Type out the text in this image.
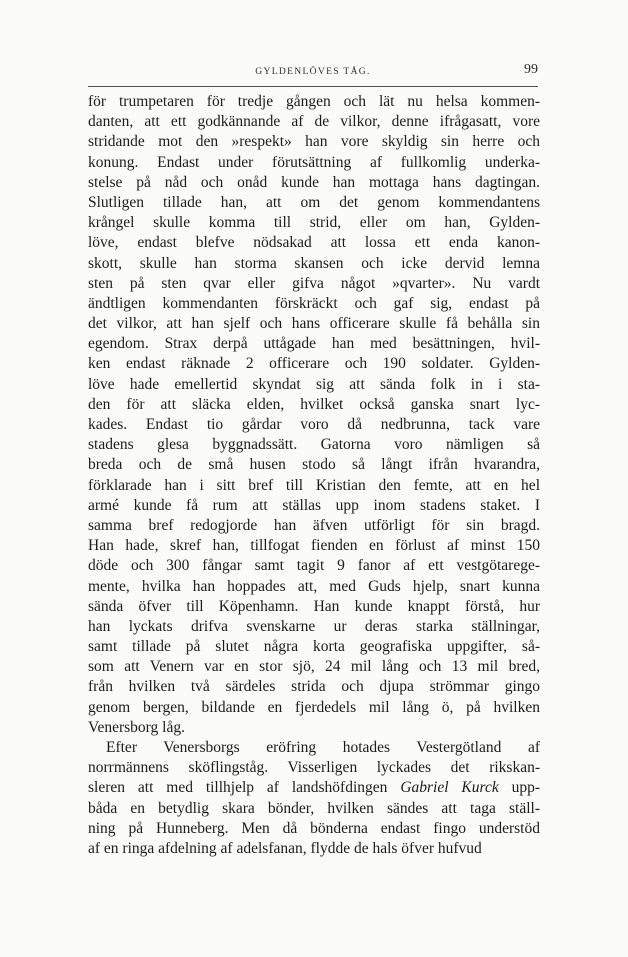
GYLDENLÖVES TÅG.	99
för trumpetaren för tredje gången och lät nu helsa kommen-
danten, att ett godkännande af de vilkor, denne ifrågasatt, vore
stridande mot den »respekt» han vore skyldig sin herre och
konung. Endast under förutsättning af fullkomlig underka-
stelse på nåd och onåd kunde han mottaga hans dagtingan.
Slutligen tillade han, att om det genom kommendantens
krångel skulle komma till strid, eller om han, Gylden-
löve, endast blefve nödsakad att lossa ett enda kanon-
skott, skulle han storma skansen och icke dervid lemna
sten på sten qvar eller gifva något »qvarter». Nu vardt
ändtligen kommendanten förskräckt och gaf sig, endast på
det vilkor, att han sjelf och hans officerare skulle få behålla sin
egendom. Strax derpå uttågade han med besättningen, hvil-
ken endast räknade 2 officerare och 190 soldater. Gylden-
löve hade emellertid skyndat sig att sända folk in i sta-
den för att släcka elden, hvilket också ganska snart lyc-
kades. Endast tio gårdar voro då nedbrunna, tack vare
stadens glesa byggnadssätt. Gatorna voro nämligen så
breda och de små husen stodo så långt ifrån hvarandra,
förklarade han i sitt bref till Kristian den femte, att en hel
armé kunde få rum att ställas upp inom stadens staket. I
samma bref redogjorde han äfven utförligt för sin bragd.
Han hade, skref han, tillfogat fienden en förlust af minst 150
döde och 300 fångar samt tagit 9 fanor af ett vestgötarege-
mente, hvilka han hoppades att, med Guds hjelp, snart kunna
sända öfver till Köpenhamn. Han kunde knappt förstå, hur
han lyckats drifva svenskarne ur deras starka ställningar,
samt tillade på slutet några korta geografiska uppgifter, så-
som att Venern var en stor sjö, 24 mil lång och 13 mil bred,
från hvilken två särdeles strida och djupa strömmar gingo
genom bergen, bildande en fjerdedels mil lång ö, på hvilken
Venersborg låg.
Efter Venersborgs eröfring hotades Vestergötland af
norrmännens sköflingståg. Visserligen lyckades det rikskan-
sleren att med tillhjelp af landshöfdingen Gabriel Kurck upp-
båda en betydlig skara bönder, hvilken sändes att taga ställ-
ning på Hunneberg. Men då bönderna endast fingo understöd
af en ringa afdelning af adelsfanan, flydde de hals öfver hufvud
